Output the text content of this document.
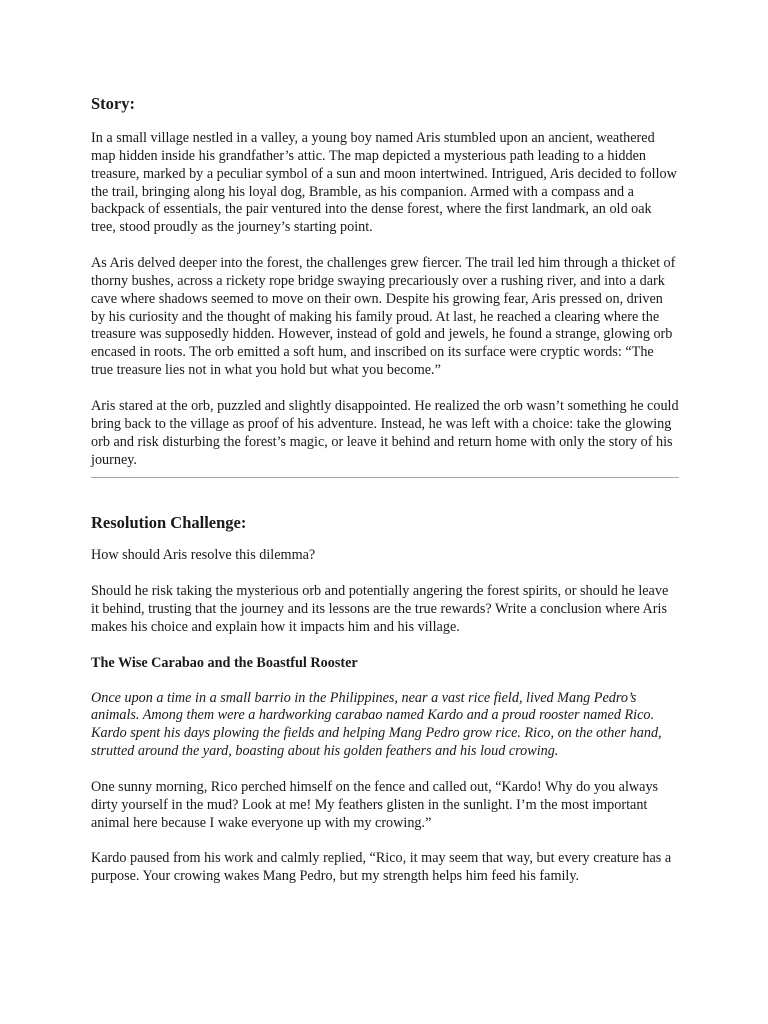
Story:

In a small village nestled in a valley, a young boy named Aris stumbled upon an ancient, weathered map hidden inside his grandfather’s attic. The map depicted a mysterious path leading to a hidden treasure, marked by a peculiar symbol of a sun and moon intertwined. Intrigued, Aris decided to follow the trail, bringing along his loyal dog, Bramble, as his companion. Armed with a compass and a backpack of essentials, the pair ventured into the dense forest, where the first landmark, an old oak tree, stood proudly as the journey’s starting point.

As Aris delved deeper into the forest, the challenges grew fiercer. The trail led him through a thicket of thorny bushes, across a rickety rope bridge swaying precariously over a rushing river, and into a dark cave where shadows seemed to move on their own. Despite his growing fear, Aris pressed on, driven by his curiosity and the thought of making his family proud. At last, he reached a clearing where the treasure was supposedly hidden. However, instead of gold and jewels, he found a strange, glowing orb encased in roots. The orb emitted a soft hum, and inscribed on its surface were cryptic words: “The true treasure lies not in what you hold but what you become.”

Aris stared at the orb, puzzled and slightly disappointed. He realized the orb wasn’t something he could bring back to the village as proof of his adventure. Instead, he was left with a choice: take the glowing orb and risk disturbing the forest’s magic, or leave it behind and return home with only the story of his journey.

Resolution Challenge:

How should Aris resolve this dilemma?

Should he risk taking the mysterious orb and potentially angering the forest spirits, or should he leave it behind, trusting that the journey and its lessons are the true rewards? Write a conclusion where Aris makes his choice and explain how it impacts him and his village.

The Wise Carabao and the Boastful Rooster

Once upon a time in a small barrio in the Philippines, near a vast rice field, lived Mang Pedro’s animals. Among them were a hardworking carabao named Kardo and a proud rooster named Rico. Kardo spent his days plowing the fields and helping Mang Pedro grow rice. Rico, on the other hand, strutted around the yard, boasting about his golden feathers and his loud crowing.

One sunny morning, Rico perched himself on the fence and called out, “Kardo! Why do you always dirty yourself in the mud? Look at me! My feathers glisten in the sunlight. I’m the most important animal here because I wake everyone up with my crowing.”

Kardo paused from his work and calmly replied, “Rico, it may seem that way, but every creature has a purpose. Your crowing wakes Mang Pedro, but my strength helps him feed his family.
